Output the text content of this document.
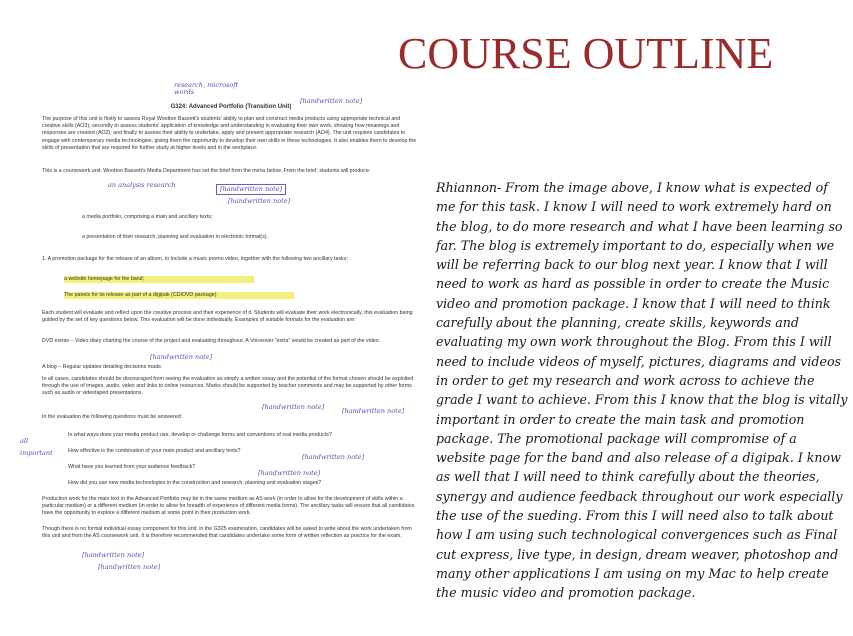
COURSE OUTLINE
research, microsoft
words
[handwritten note]
G324: Advanced Portfolio (Transition Unit)
The purpose of this unit is firstly to assess Royal Wootton Bassett's students' ability to plan and construct media products using appropriate technical and creative skills (AO3); secondly to assess students' application of knowledge and understanding in evaluating their own work, showing how meanings and responses are created (AO2); and finally to assess their ability to undertake, apply and present appropriate research (AO4). The unit requires candidates to engage with contemporary media technologies, giving them the opportunity to develop their own skills in these technologies. It also enables them to develop the skills of presentation that are required for further study at higher levels and in the workplace.
This is a coursework unit. Wootton Bassett's Media Department has set the brief from the menu below. From the brief, students will produce:
an analysis research	[handwritten note]
a media portfolio, comprising a main and ancillary texts;
[handwritten note]
a presentation of their research, planning and evaluation in electronic format(s).
1. A promotion package for the release of an album, to include a music promo video, together with the following two ancillary tasks:
a website homepage for the band;
The panels for its release as part of a digipak (CD/DVD package)
Each student will evaluate and reflect upon the creative process and their experience of it. Students will evaluate their work electronically, this evaluation being guided by the set of key questions below. This evaluation will be done individually. Examples of suitable formats for the evaluation are:
DVD extras – Video diary charting the course of the project and evaluating throughout. A Voiceover "extra" would be created as part of the video.
[handwritten note]
A blog – Regular updates detailing decisions made.
In all cases, candidates should be discouraged from seeing the evaluation as simply a written essay and the potential of the format chosen should be exploited through the use of images, audio, video and links to online resources. Marks should be supported by teacher comments and may be supported by other forms such as audio or videotaped presentations.
In the evaluation the following questions must be answered:
[handwritten note]	[handwritten note]
all
important
In what ways does your media product use, develop or challenge forms and conventions of real media products?
How effective is the combination of your main product and ancillary texts?
[handwritten note]
What have you learned from your audience feedback?
[handwritten note]
How did you use new media technologies in the construction and research, planning and evaluation stages?
Production work for the main text in the Advanced Portfolio may be in the same medium as AS work (in order to allow for the development of skills within a particular medium) or a different medium (in order to allow for breadth of experience of different media forms). The ancillary tasks will ensure that all candidates have the opportunity to explore a different medium at some point in their production work.
Though there is no formal individual essay component for this unit, in the G325 examination, candidates will be asked to write about the work undertaken from this unit and from the AS coursework unit. It is therefore recommended that candidates undertake some form of written reflection as practice for the exam.
[handwritten note]
[handwritten note]
Rhiannon- From the image above, I know what is expected of me for this task. I know I will need to work extremely hard on the blog, to do more research and what I have been learning so far. The blog is extremely important to do, especially when we will be referring back to our blog next year. I know that I will need to work as hard as possible in order to create the Music video and promotion package. I know that I will need to think carefully about the planning, create skills, keywords and evaluating my own work throughout the Blog. From this I will need to include videos of myself, pictures, diagrams and videos in order to get my research and work across to achieve the grade I want to achieve. From this I know that the blog is vitally important in order to create the main task and promotion package. The promotional package will compromise of a website page for the band and also release of a digipak. I know as well that I will need to think carefully about the theories, synergy and audience feedback throughout our work especially the use of the sueding. From this I will need also to talk about how I am using such technological convergences such as Final cut express, live type, in design, dream weaver, photoshop and many other applications I am using on my Mac to help create the music video and promotion package.
